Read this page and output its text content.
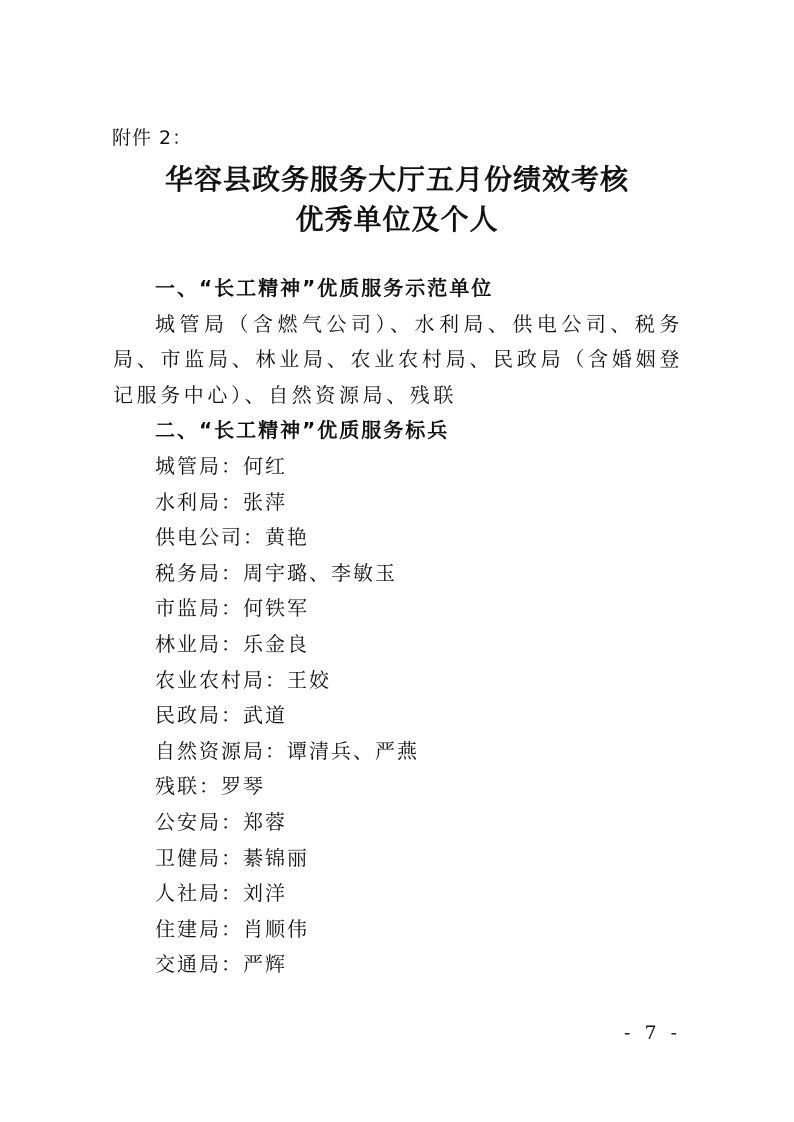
附件 2：
华容县政务服务大厅五月份绩效考核
优秀单位及个人

一、“长工精神”优质服务示范单位

城管局（含燃气公司）、水利局、供电公司、税务局、市监局、林业局、农业农村局、民政局（含婚姻登记服务中心）、自然资源局、残联

二、“长工精神”优质服务标兵

城管局：何红
水利局：张萍
供电公司：黄艳
税务局：周宇璐、李敏玉
市监局：何铁军
林业局：乐金良
农业农村局：王姣
民政局：武道
自然资源局：谭清兵、严燕
残联：罗琴
公安局：郑蓉
卫健局：綦锦丽
人社局：刘洋
住建局：肖顺伟
交通局：严辉
- 7 -
